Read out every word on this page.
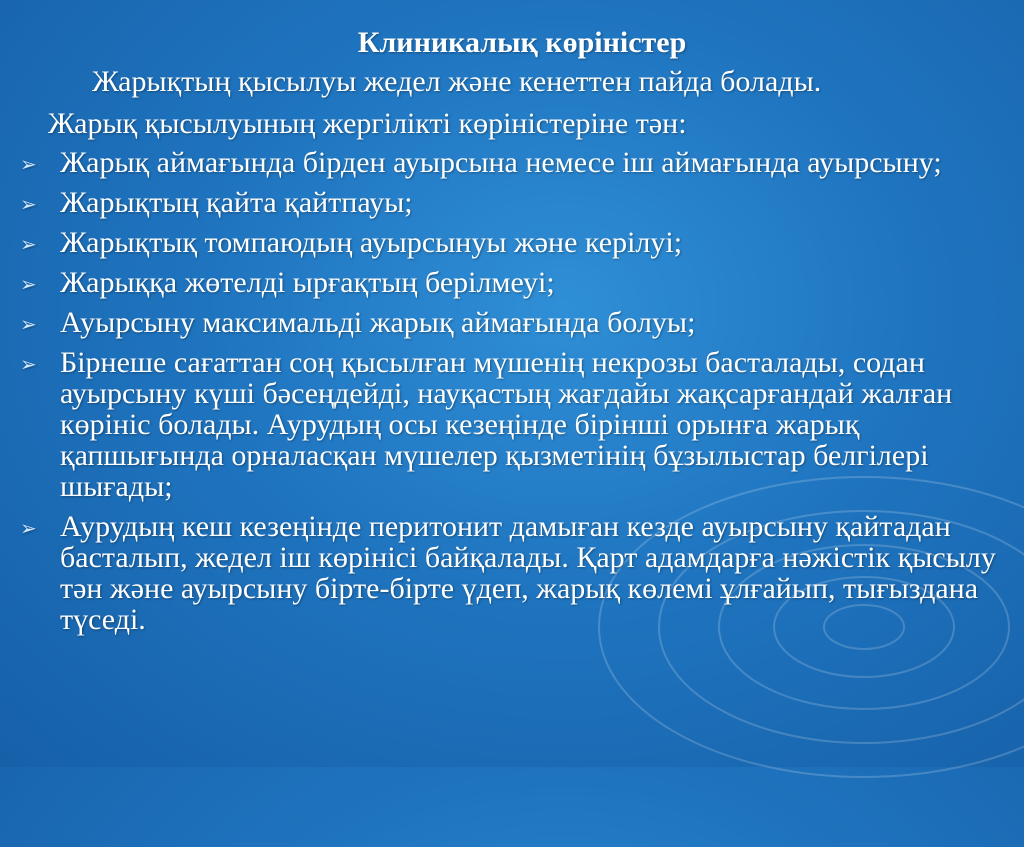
Клиникалық көріністер
Жарықтың қысылуы жедел және кенеттен пайда болады.
Жарық қысылуының жергілікті көріністеріне тән:
➢ Жарық аймағында бірден ауырсына немесе іш аймағында ауырсыну;
➢ Жарықтың қайта қайтпауы;
➢ Жарықтық томпаюдың ауырсынуы және керілуі;
➢ Жарыққа жөтелді ырғақтың берілмеуі;
➢ Ауырсыну максимальді жарық аймағында болуы;
➢ Бірнеше сағаттан соң қысылған мүшенің некрозы басталады, содан ауырсыну күші бәсеңдейді, науқастың жағдайы жақсарғандай жалған көрініс болады. Аурудың осы кезеңінде бірінші орынға жарық қапшығында орналасқан мүшелер қызметінің бұзылыстар белгілері шығады;
➢ Аурудың кеш кезеңінде перитонит дамыған кезде ауырсыну қайтадан басталып, жедел іш көрінісі байқалады. Қарт адамдарға нәжістік қысылу тән және ауырсыну бірте-бірте үдеп, жарық көлемі ұлғайып, тығыздана түседі.
